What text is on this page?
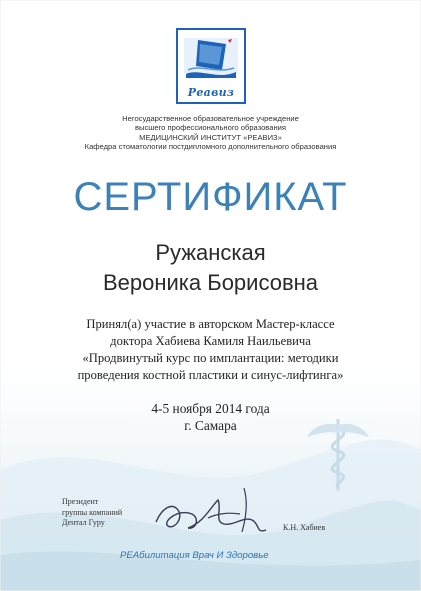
Реавиз
Негосударственное образовательное учреждение
высшего профессионального образования
МЕДИЦИНСКИЙ ИНСТИТУТ «РЕАВИЗ»
Кафедра стоматологии постдипломного дополнительного образования
СЕРТИФИКАТ
Ружанская
Вероника Борисовна
Принял(а) участие в авторском Мастер-классе
доктора Хабиева Камиля Наильевича
«Продвинутый курс по имплантации: методики
проведения костной пластики и синус-лифтинга»
4-5 ноября 2014 года
г. Самара
Президент
группы компаний
Дентал Гуру
К.Н. Хабиев
РЕАбилитация Врач И Здоровье
